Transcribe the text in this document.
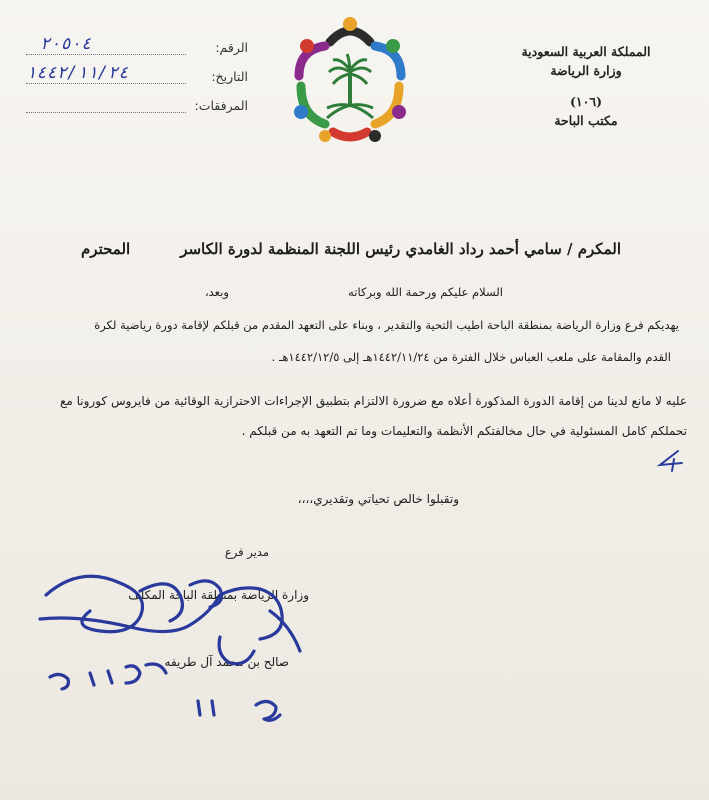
المملكة العربية السعودية
وزارة الرياضة
(١٠٦)
مكتب الباحة
الرقم:
٢٠٥٠٤
التاريخ:
١٤٤٢/١١/٢٤
المرفقات:
المكرم / سامي أحمد رداد الغامدي رئيس اللجنة المنظمة لدورة الكاسر
المحترم
السلام عليكم ورحمة الله وبركاته
وبعد،
يهديكم فرع وزارة الرياضة بمنطقة الباحة اطيب التحية والتقدير ، وبناء على التعهد المقدم من قبلكم لإقامة دورة رياضية لكرة
القدم والمقامة على ملعب العباس خلال الفترة من ١٤٤٢/١١/٢٤هـ إلى ١٤٤٢/١٢/٥هـ .
عليه لا مانع لدينا من إقامة الدورة المذكورة أعلاه مع ضرورة الالتزام بتطبيق الإجراءات الاحترازية الوقائية من فايروس كورونا مع
تحملكم كامل المسئولية في حال مخالفتكم الأنظمة والتعليمات وما تم التعهد به من قبلكم .
وتقبلوا خالص تحياتي وتقديري،،،،
مدير فرع
وزارة الرياضة بمنطقة الباحة المكلف
صالح بن محمد آل طريفه
